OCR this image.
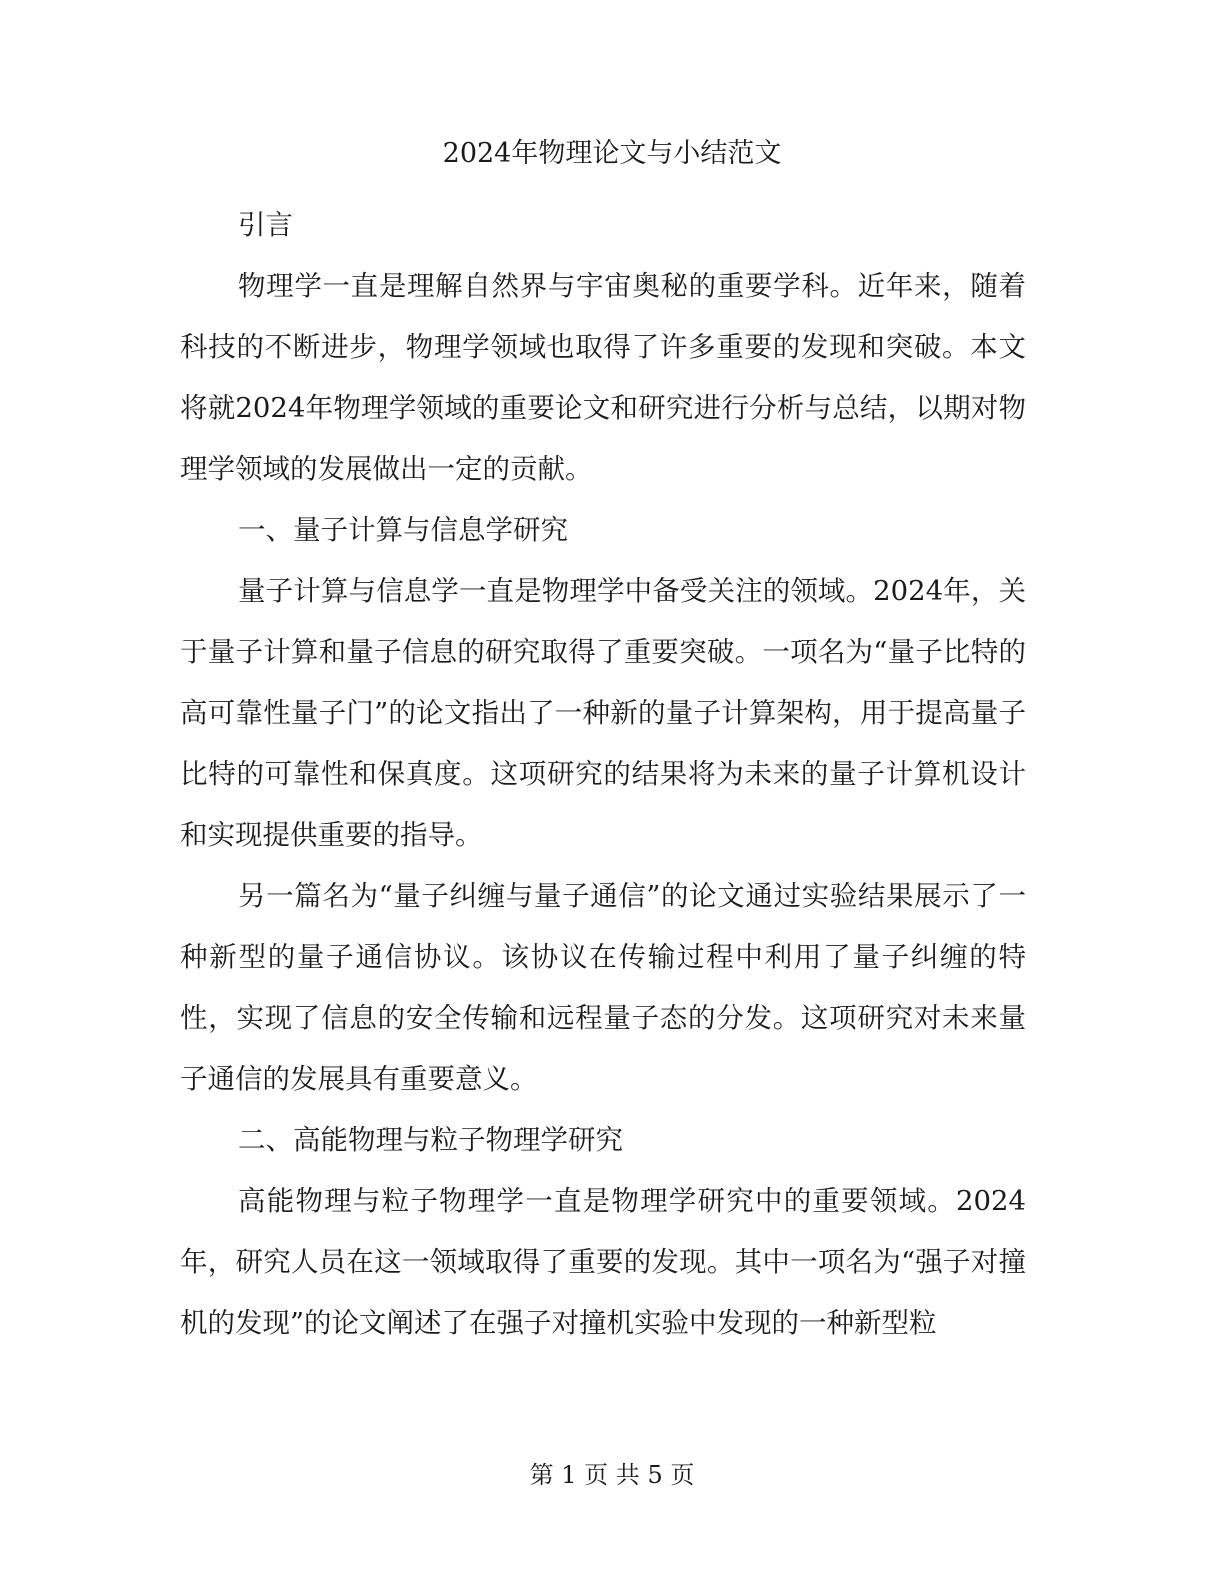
2024年物理论文与小结范文
引言

物理学一直是理解自然界与宇宙奥秘的重要学科。近年来，随着科技的不断进步，物理学领域也取得了许多重要的发现和突破。本文将就2024年物理学领域的重要论文和研究进行分析与总结，以期对物理学领域的发展做出一定的贡献。

一、量子计算与信息学研究

量子计算与信息学一直是物理学中备受关注的领域。2024年，关于量子计算和量子信息的研究取得了重要突破。一项名为“量子比特的高可靠性量子门”的论文指出了一种新的量子计算架构，用于提高量子比特的可靠性和保真度。这项研究的结果将为未来的量子计算机设计和实现提供重要的指导。

另一篇名为“量子纠缠与量子通信”的论文通过实验结果展示了一种新型的量子通信协议。该协议在传输过程中利用了量子纠缠的特性，实现了信息的安全传输和远程量子态的分发。这项研究对未来量子通信的发展具有重要意义。

二、高能物理与粒子物理学研究

高能物理与粒子物理学一直是物理学研究中的重要领域。2024年，研究人员在这一领域取得了重要的发现。其中一项名为“强子对撞机的发现”的论文阐述了在强子对撞机实验中发现的一种新型粒

第 1 页 共 5 页
